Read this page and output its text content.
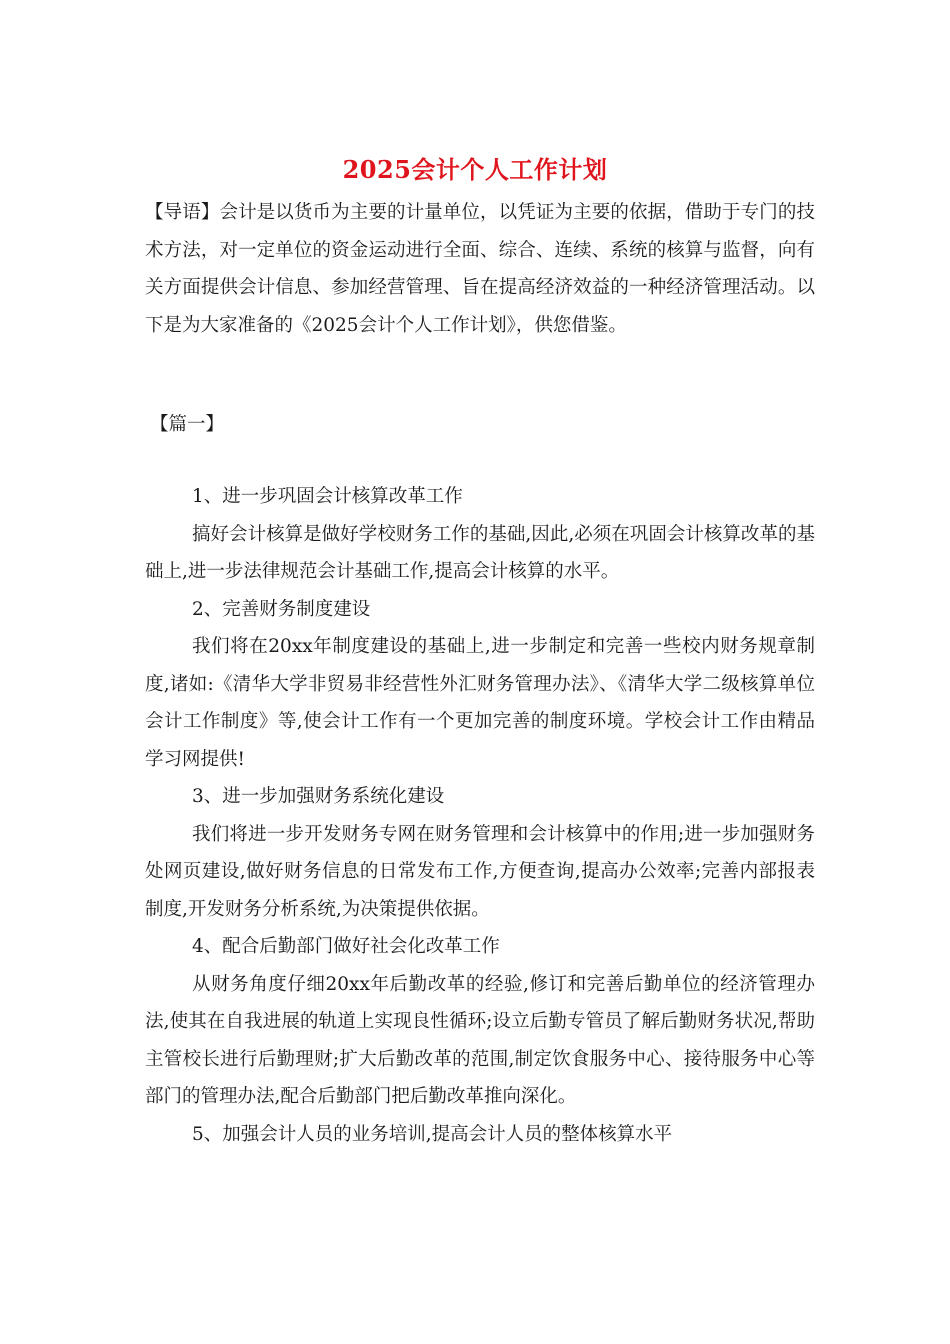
2025会计个人工作计划
【导语】会计是以货币为主要的计量单位，以凭证为主要的依据，借助于专门的技术方法，对一定单位的资金运动进行全面、综合、连续、系统的核算与监督，向有关方面提供会计信息、参加经营管理、旨在提高经济效益的一种经济管理活动。以下是为大家准备的《2025会计个人工作计划》，供您借鉴。
【篇一】

1、进一步巩固会计核算改革工作

搞好会计核算是做好学校财务工作的基础,因此,必须在巩固会计核算改革的基础上,进一步法律规范会计基础工作,提高会计核算的水平。

2、完善财务制度建设

我们将在20xx年制度建设的基础上,进一步制定和完善一些校内财务规章制度,诸如:《清华大学非贸易非经营性外汇财务管理办法》、《清华大学二级核算单位会计工作制度》等,使会计工作有一个更加完善的制度环境。学校会计工作由精品学习网提供!

3、进一步加强财务系统化建设

我们将进一步开发财务专网在财务管理和会计核算中的作用;进一步加强财务处网页建设,做好财务信息的日常发布工作,方便查询,提高办公效率;完善内部报表制度,开发财务分析系统,为决策提供依据。

4、配合后勤部门做好社会化改革工作

从财务角度仔细20xx年后勤改革的经验,修订和完善后勤单位的经济管理办法,使其在自我进展的轨道上实现良性循环;设立后勤专管员了解后勤财务状况,帮助主管校长进行后勤理财;扩大后勤改革的范围,制定饮食服务中心、接待服务中心等部门的管理办法,配合后勤部门把后勤改革推向深化。

5、加强会计人员的业务培训,提高会计人员的整体核算水平
